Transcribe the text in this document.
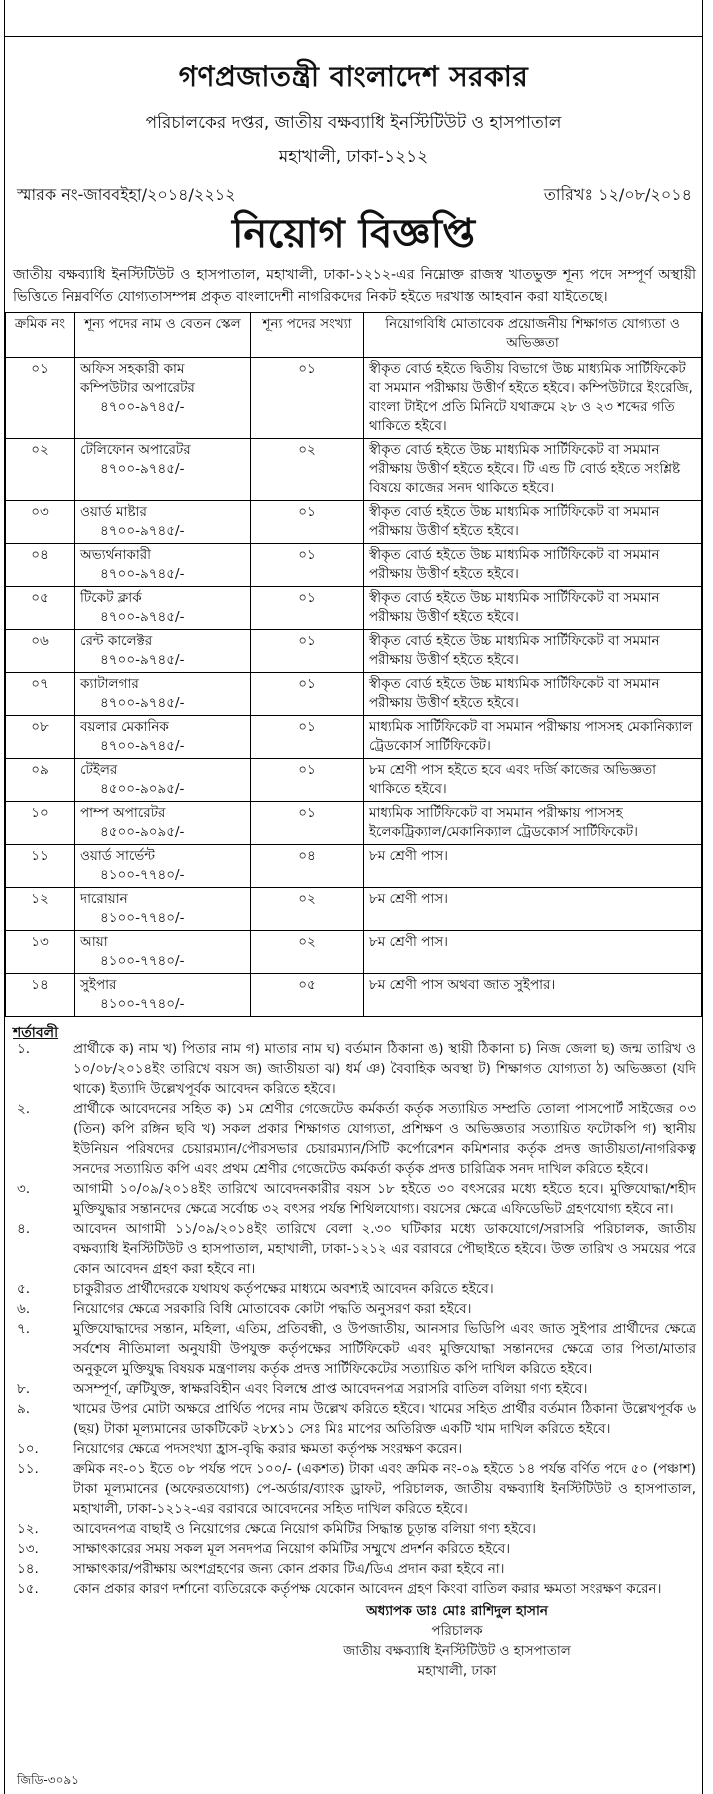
গণপ্রজাতন্ত্রী বাংলাদেশ সরকার
পরিচালকের দপ্তর, জাতীয় বক্ষব্যাধি ইনস্টিটিউট ও হাসপাতাল
মহাখালী, ঢাকা-১২১২
স্মারক নং-জাববইহা/২০১৪/২২১২	তারিখঃ ১২/০৮/২০১৪
নিয়োগ বিজ্ঞপ্তি
জাতীয় বক্ষব্যাধি ইনস্টিটিউট ও হাসপাতাল, মহাখালী, ঢাকা-১২১২-এর নিম্নোক্ত রাজস্ব খাতভুক্ত শূন্য পদে সম্পূর্ণ অস্থায়ী ভিত্তিতে নিম্নবর্ণিত যোগ্যতাসম্পন্ন প্রকৃত বাংলাদেশী নাগরিকদের নিকট হইতে দরখাস্ত আহবান করা যাইতেছে।
ক্রমিক নং	শূন্য পদের নাম ও বেতন স্কেল	শূন্য পদের সংখ্যা	নিয়োগবিধি মোতাবেক প্রয়োজনীয় শিক্ষাগত যোগ্যতা ও অভিজ্ঞতা
০১	অফিস সহকারী কাম কম্পিউটার অপারেটর
৪৭০০-৯৭৪৫/-	০১	স্বীকৃত বোর্ড হইতে দ্বিতীয় বিভাগে উচ্চ মাধ্যমিক সার্টিফিকেট বা সমমান পরীক্ষায় উত্তীর্ণ হইতে হইবে। কম্পিউটারে ইংরেজি, বাংলা টাইপে প্রতি মিনিটে যথাক্রমে ২৮ ও ২৩ শব্দের গতি থাকিতে হইবে।
০২	টেলিফোন অপারেটর
৪৭০০-৯৭৪৫/-	০২	স্বীকৃত বোর্ড হইতে উচ্চ মাধ্যমিক সার্টিফিকেট বা সমমান পরীক্ষায় উত্তীর্ণ হইতে হইবে। টি এন্ড টি বোর্ড হইতে সংশ্লিষ্ট বিষয়ে কাজের সনদ থাকিতে হইবে।
০৩	ওয়ার্ড মাষ্টার
৪৭০০-৯৭৪৫/-	০১	স্বীকৃত বোর্ড হইতে উচ্চ মাধ্যমিক সার্টিফিকেট বা সমমান পরীক্ষায় উত্তীর্ণ হইতে হইবে।
০৪	অভ্যর্থনাকারী
৪৭০০-৯৭৪৫/-	০১	স্বীকৃত বোর্ড হইতে উচ্চ মাধ্যমিক সার্টিফিকেট বা সমমান পরীক্ষায় উত্তীর্ণ হইতে হইবে।
০৫	টিকেট ক্লার্ক
৪৭০০-৯৭৪৫/-	০১	স্বীকৃত বোর্ড হইতে উচ্চ মাধ্যমিক সার্টিফিকেট বা সমমান পরীক্ষায় উত্তীর্ণ হইতে হইবে।
০৬	রেন্ট কালেক্টর
৪৭০০-৯৭৪৫/-	০১	স্বীকৃত বোর্ড হইতে উচ্চ মাধ্যমিক সার্টিফিকেট বা সমমান পরীক্ষায় উত্তীর্ণ হইতে হইবে।
০৭	ক্যাটালগার
৪৭০০-৯৭৪৫/-	০১	স্বীকৃত বোর্ড হইতে উচ্চ মাধ্যমিক সার্টিফিকেট বা সমমান পরীক্ষায় উত্তীর্ণ হইতে হইবে।
০৮	বয়লার মেকানিক
৪৭০০-৯৭৪৫/-	০১	মাধ্যমিক সার্টিফিকেট বা সমমান পরীক্ষায় পাসসহ মেকানিক্যাল ট্রেডকোর্স সার্টিফিকেট।
০৯	টেইলর
৪৫০০-৯০৯৫/-	০১	৮ম শ্রেণী পাস হইতে হবে এবং দর্জি কাজের অভিজ্ঞতা থাকিতে হইবে।
১০	পাম্প অপারেটর
৪৫০০-৯০৯৫/-	০১	মাধ্যমিক সার্টিফিকেট বা সমমান পরীক্ষায় পাসসহ ইলেকট্রিক্যাল/মেকানিক্যাল ট্রেডকোর্স সার্টিফিকেট।
১১	ওয়ার্ড সার্ভেন্ট
৪১০০-৭৭৪০/-	০৪	৮ম শ্রেণী পাস।
১২	দারোয়ান
৪১০০-৭৭৪০/-	০২	৮ম শ্রেণী পাস।
১৩	আয়া
৪১০০-৭৭৪০/-	০২	৮ম শ্রেণী পাস।
১৪	সুইপার
৪১০০-৭৭৪০/-	০৫	৮ম শ্রেণী পাস অথবা জাত সুইপার।
শর্তাবলী
১.	প্রার্থীকে ক) নাম খ) পিতার নাম গ) মাতার নাম ঘ) বর্তমান ঠিকানা ঙ) স্থায়ী ঠিকানা চ) নিজ জেলা ছ) জন্ম তারিখ ও ১০/০৮/২০১৪ইং তারিখে বয়স জ) জাতীয়তা ঝ) ধর্ম ঞ) বৈবাহিক অবস্থা ট) শিক্ষাগত যোগ্যতা ঠ) অভিজ্ঞতা (যদি থাকে) ইত্যাদি উল্লেখপূর্বক আবেদন করিতে হইবে।
২.	প্রার্থীকে আবেদনের সহিত ক) ১ম শ্রেণীর গেজেটেড কর্মকর্তা কর্তৃক সত্যায়িত সম্প্রতি তোলা পাসপোর্ট সাইজের ০৩ (তিন) কপি রঙ্গিন ছবি খ) সকল প্রকার শিক্ষাগত যোগ্যতা, প্রশিক্ষণ ও অভিজ্ঞতার সত্যায়িত ফটোকপি গ) স্থানীয় ইউনিয়ন পরিষদের চেয়ারম্যান/পৌরসভার চেয়ারম্যান/সিটি কর্পোরেশন কমিশনার কর্তৃক প্রদত্ত জাতীয়তা/নাগরিকত্ব সনদের সত্যায়িত কপি এবং প্রথম শ্রেণীর গেজেটেড কর্মকর্তা কর্তৃক প্রদত্ত চারিত্রিক সনদ দাখিল করিতে হইবে।
৩.	আগামী ১০/০৯/২০১৪ইং তারিখে আবেদনকারীর বয়স ১৮ হইতে ৩০ বৎসরের মধ্যে হইতে হবে। মুক্তিযোদ্ধা/শহীদ মুক্তিযুদ্ধার সন্তানদের ক্ষেত্রে সর্বোচ্চ ৩২ বৎসর পর্যন্ত শিথিলযোগ্য। বয়সের ক্ষেত্রে এফিডেভিট গ্রহণযোগ্য হইবে না।
৪.	আবেদন আগামী ১১/০৯/২০১৪ইং তারিখে বেলা ২.৩০ ঘটিকার মধ্যে ডাকযোগে/সরাসরি পরিচালক, জাতীয় বক্ষব্যাধি ইনস্টিটিউট ও হাসপাতাল, মহাখালী, ঢাকা-১২১২ এর বরাবরে পৌছাইতে হইবে। উক্ত তারিখ ও সময়ের পরে কোন আবেদন গ্রহণ করা হইবে না।
৫.	চাকুরীরত প্রার্থীদেরকে যথাযথ কর্তৃপক্ষের মাধ্যমে অবশ্যই আবেদন করিতে হইবে।
৬.	নিয়োগের ক্ষেত্রে সরকারি বিধি মোতাবেক কোটা পদ্ধতি অনুসরণ করা হইবে।
৭.	মুক্তিযোদ্ধাদের সন্তান, মহিলা, এতিম, প্রতিবন্ধী, ও উপজাতীয়, আনসার ভিডিপি এবং জাত সুইপার প্রার্থীদের ক্ষেত্রে সর্বশেষ নীতিমালা অনুযায়ী উপযুক্ত কর্তৃপক্ষের সার্টিফিকেট এবং মুক্তিযোদ্ধা সন্তানদের ক্ষেত্রে তার পিতা/মাতার অনুকূলে মুক্তিযুদ্ধ বিষয়ক মন্ত্রণালয় কর্তৃক প্রদত্ত সার্টিফিকেটের সত্যায়িত কপি দাখিল করিতে হইবে।
৮.	অসম্পূর্ণ, ত্রুটিযুক্ত, স্বাক্ষরবিহীন এবং বিলম্বে প্রাপ্ত আবেদনপত্র সরাসরি বাতিল বলিয়া গণ্য হইবে।
৯.	খামের উপর মোটা অক্ষরে প্রার্থিত পদের নাম উল্লেখ করিতে হইবে। খামের সহিত প্রার্থীর বর্তমান ঠিকানা উল্লেখপূর্বক ৬ (ছয়) টাকা মূল্যমানের ডাকটিকেট ২৮x১১ সেঃ মিঃ মাপের অতিরিক্ত একটি খাম দাখিল করিতে হইবে।
১০.	নিয়োগের ক্ষেত্রে পদসংখ্যা হ্রাস-বৃদ্ধি করার ক্ষমতা কর্তৃপক্ষ সংরক্ষণ করেন।
১১.	ক্রমিক নং-০১ ইতে ০৮ পর্যন্ত পদে ১০০/- (একশত) টাকা এবং ক্রমিক নং-০৯ হইতে ১৪ পর্যন্ত বর্ণিত পদে ৫০ (পঞ্চাশ) টাকা মূল্যমানের (অফেরতযোগ্য) পে-অর্ডার/ব্যাংক ড্রাফট, পরিচালক, জাতীয় বক্ষব্যাধি ইনস্টিটিউট ও হাসপাতাল, মহাখালী, ঢাকা-১২১২-এর বরাবরে আবেদনের সহিত দাখিল করিতে হইবে।
১২.	আবেদনপত্র বাছাই ও নিয়োগের ক্ষেত্রে নিয়োগ কমিটির সিদ্ধান্ত চূড়ান্ত বলিয়া গণ্য হইবে।
১৩.	সাক্ষাৎকারের সময় সকল মূল সনদপত্র নিয়োগ কমিটির সম্মুখে প্রদর্শন করিতে হইবে।
১৪.	সাক্ষাৎকার/পরীক্ষায় অংশগ্রহণের জন্য কোন প্রকার টিএ/ডিএ প্রদান করা হইবে না।
১৫.	কোন প্রকার কারণ দর্শানো ব্যতিরেকে কর্তৃপক্ষ যেকোন আবেদন গ্রহণ কিংবা বাতিল করার ক্ষমতা সংরক্ষণ করেন।
অধ্যাপক ডাঃ মোঃ রাশিদুল হাসান
পরিচালক
জাতীয় বক্ষব্যাধি ইনস্টিটিউট ও হাসপাতাল
মহাখালী, ঢাকা
জিডি-৩০৯১
